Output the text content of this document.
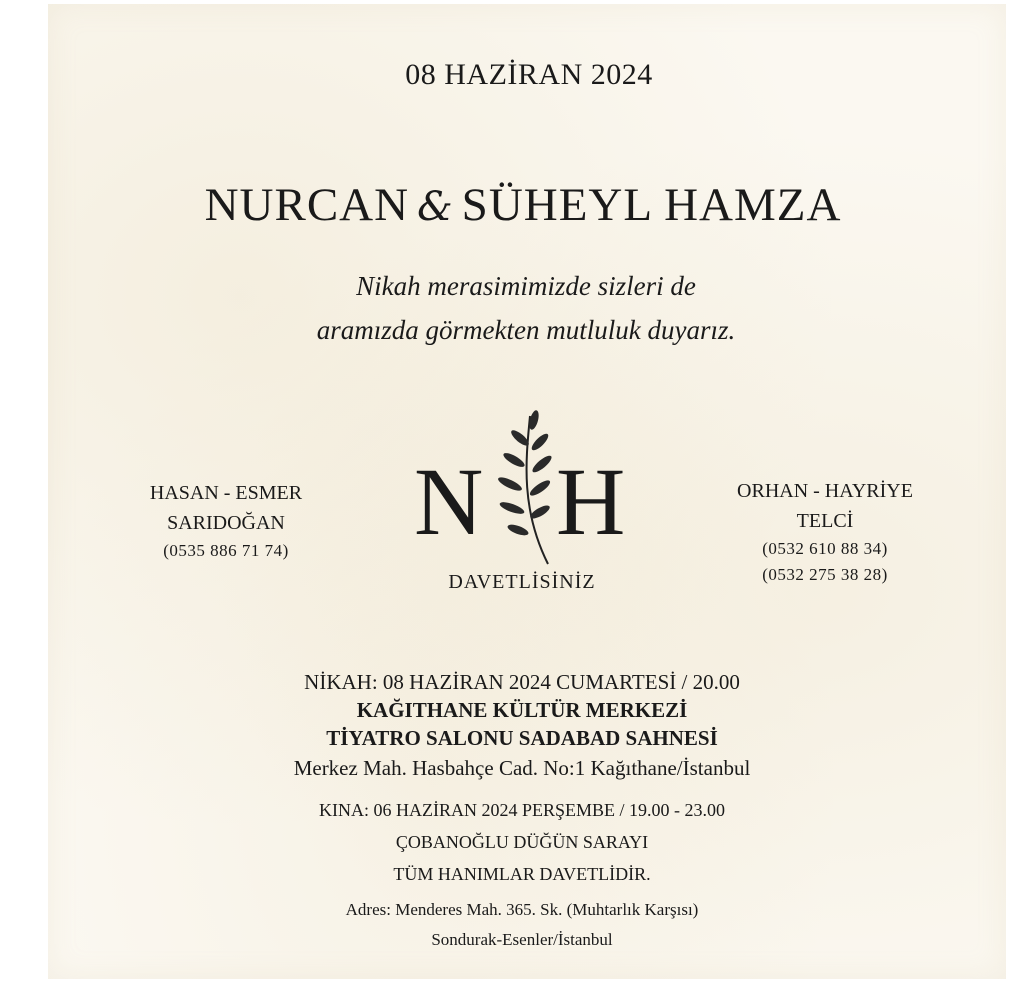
08 HAZİRAN 2024
NURCAN & SÜHEYL HAMZA
Nikah merasimimizde sizleri de
aramızda görmekten mutluluk duyarız.
HASAN - ESMER
SARIDOĞAN
(0535 886 71 74) N H	ORHAN - HAYRİYE
TELCİ
(0532 610 88 34)
(0532 275 38 28)
DAVETLİSİNİZ
NİKAH: 08 HAZİRAN 2024 CUMARTESİ / 20.00
KAĞITHANE KÜLTÜR MERKEZİ
TİYATRO SALONU SADABAD SAHNESİ
Merkez Mah. Hasbahçe Cad. No:1 Kağıthane/İstanbul
KINA: 06 HAZİRAN 2024 PERŞEMBE / 19.00 - 23.00
ÇOBANOĞLU DÜĞÜN SARAYI
TÜM HANIMLAR DAVETLİDİR.
Adres: Menderes Mah. 365. Sk. (Muhtarlık Karşısı)
Sondurak-Esenler/İstanbul
